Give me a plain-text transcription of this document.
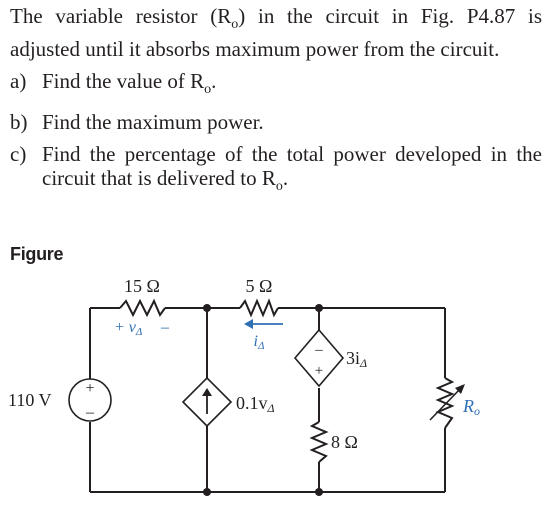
The variable resistor $(R_o)$ in the circuit in Fig. P4.87 is adjusted until it absorbs maximum power from the circuit.

a) Find the value of $R_o$.
b) Find the maximum power.
c) Find the percentage of the total power developed in the circuit that is delivered to $R_o$.
Figure
15 Ω
+ vΔ –
5 Ω
iΔ
+
–
110 V	0.1vΔ
–
+
3iΔ
8 Ω
Ro
